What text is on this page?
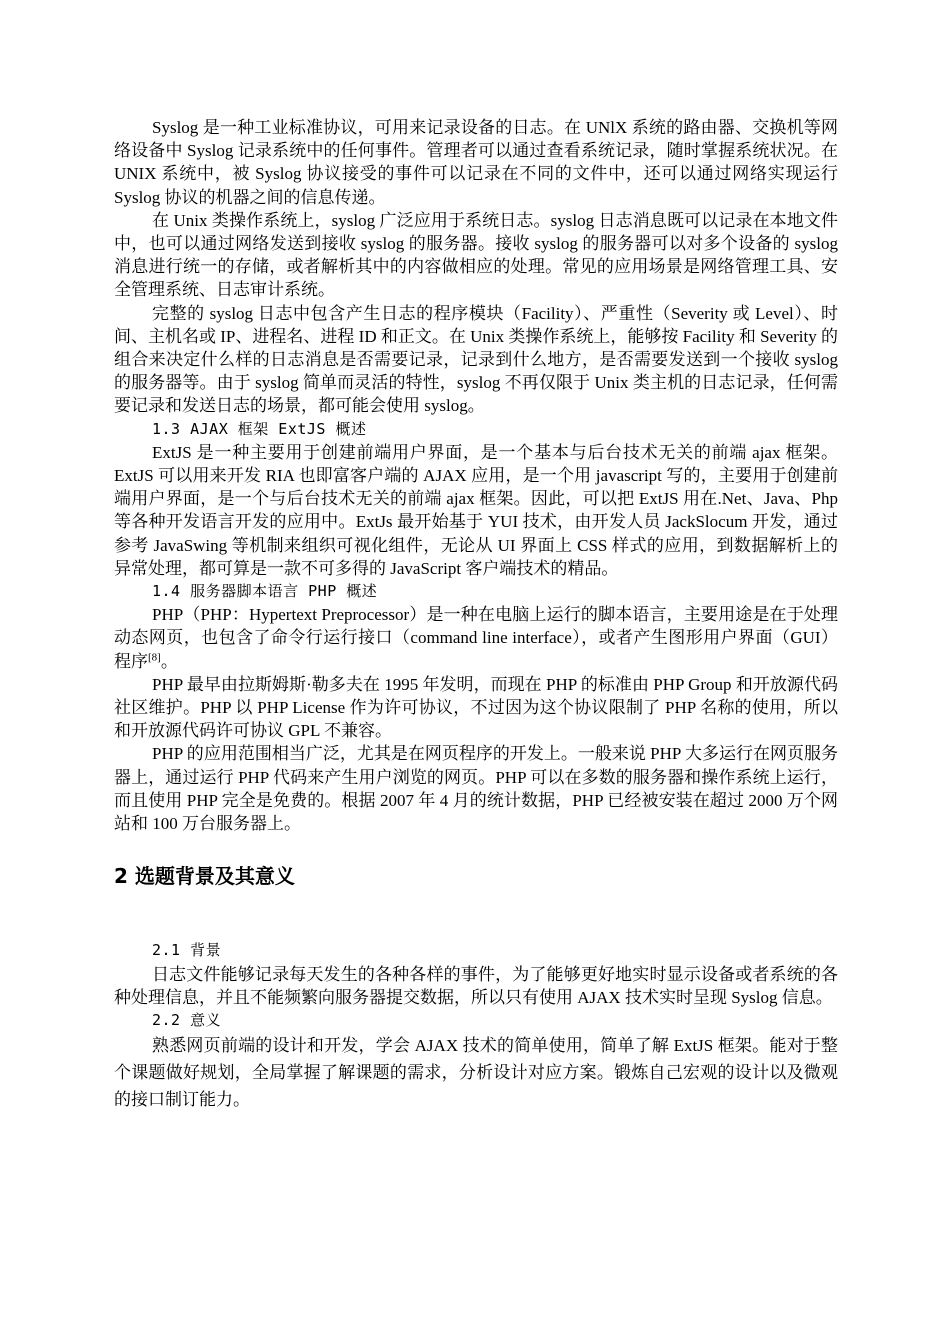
Syslog 是一种工业标准协议，可用来记录设备的日志。在 UNlX 系统的路由器、交换机等网络设备中 Syslog 记录系统中的任何事件。管理者可以通过查看系统记录，随时掌握系统状况。在 UNIX 系统中，被 Syslog 协议接受的事件可以记录在不同的文件中，还可以通过网络实现运行 Syslog 协议的机器之间的信息传递。

在 Unix 类操作系统上，syslog 广泛应用于系统日志。syslog 日志消息既可以记录在本地文件中，也可以通过网络发送到接收 syslog 的服务器。接收 syslog 的服务器可以对多个设备的 syslog 消息进行统一的存储，或者解析其中的内容做相应的处理。常见的应用场景是网络管理工具、安全管理系统、日志审计系统。

完整的 syslog 日志中包含产生日志的程序模块（Facility）、严重性（Severity 或 Level）、时间、主机名或 IP、进程名、进程 ID 和正文。在 Unix 类操作系统上，能够按 Facility 和 Severity 的组合来决定什么样的日志消息是否需要记录，记录到什么地方，是否需要发送到一个接收 syslog 的服务器等。由于 syslog 简单而灵活的特性，syslog 不再仅限于 Unix 类主机的日志记录，任何需要记录和发送日志的场景，都可能会使用 syslog。

1.3 AJAX 框架 ExtJS 概述

ExtJS 是一种主要用于创建前端用户界面，是一个基本与后台技术无关的前端 ajax 框架。ExtJS 可以用来开发 RIA 也即富客户端的 AJAX 应用，是一个用 javascript 写的，主要用于创建前端用户界面，是一个与后台技术无关的前端 ajax 框架。因此，可以把 ExtJS 用在.Net、Java、Php 等各种开发语言开发的应用中。ExtJs 最开始基于 YUI 技术，由开发人员 JackSlocum 开发，通过参考 JavaSwing 等机制来组织可视化组件，无论从 UI 界面上 CSS 样式的应用，到数据解析上的异常处理，都可算是一款不可多得的 JavaScript 客户端技术的精品。

1.4 服务器脚本语言 PHP 概述

PHP（PHP：Hypertext Preprocessor）是一种在电脑上运行的脚本语言，主要用途是在于处理动态网页，也包含了命令行运行接口（command line interface），或者产生图形用户界面（GUI）程序[8]。

PHP 最早由拉斯姆斯·勒多夫在 1995 年发明，而现在 PHP 的标准由 PHP Group 和开放源代码社区维护。PHP 以 PHP License 作为许可协议，不过因为这个协议限制了 PHP 名称的使用，所以和开放源代码许可协议 GPL 不兼容。

PHP 的应用范围相当广泛，尤其是在网页程序的开发上。一般来说 PHP 大多运行在网页服务器上，通过运行 PHP 代码来产生用户浏览的网页。PHP 可以在多数的服务器和操作系统上运行，而且使用 PHP 完全是免费的。根据 2007 年 4 月的统计数据，PHP 已经被安装在超过 2000 万个网站和 100 万台服务器上。

2 选题背景及其意义

2.1 背景

日志文件能够记录每天发生的各种各样的事件，为了能够更好地实时显示设备或者系统的各种处理信息，并且不能频繁向服务器提交数据，所以只有使用 AJAX 技术实时呈现 Syslog 信息。

2.2 意义

熟悉网页前端的设计和开发，学会 AJAX 技术的简单使用，简单了解 ExtJS 框架。能对于整个课题做好规划，全局掌握了解课题的需求，分析设计对应方案。锻炼自己宏观的设计以及微观的接口制订能力。
